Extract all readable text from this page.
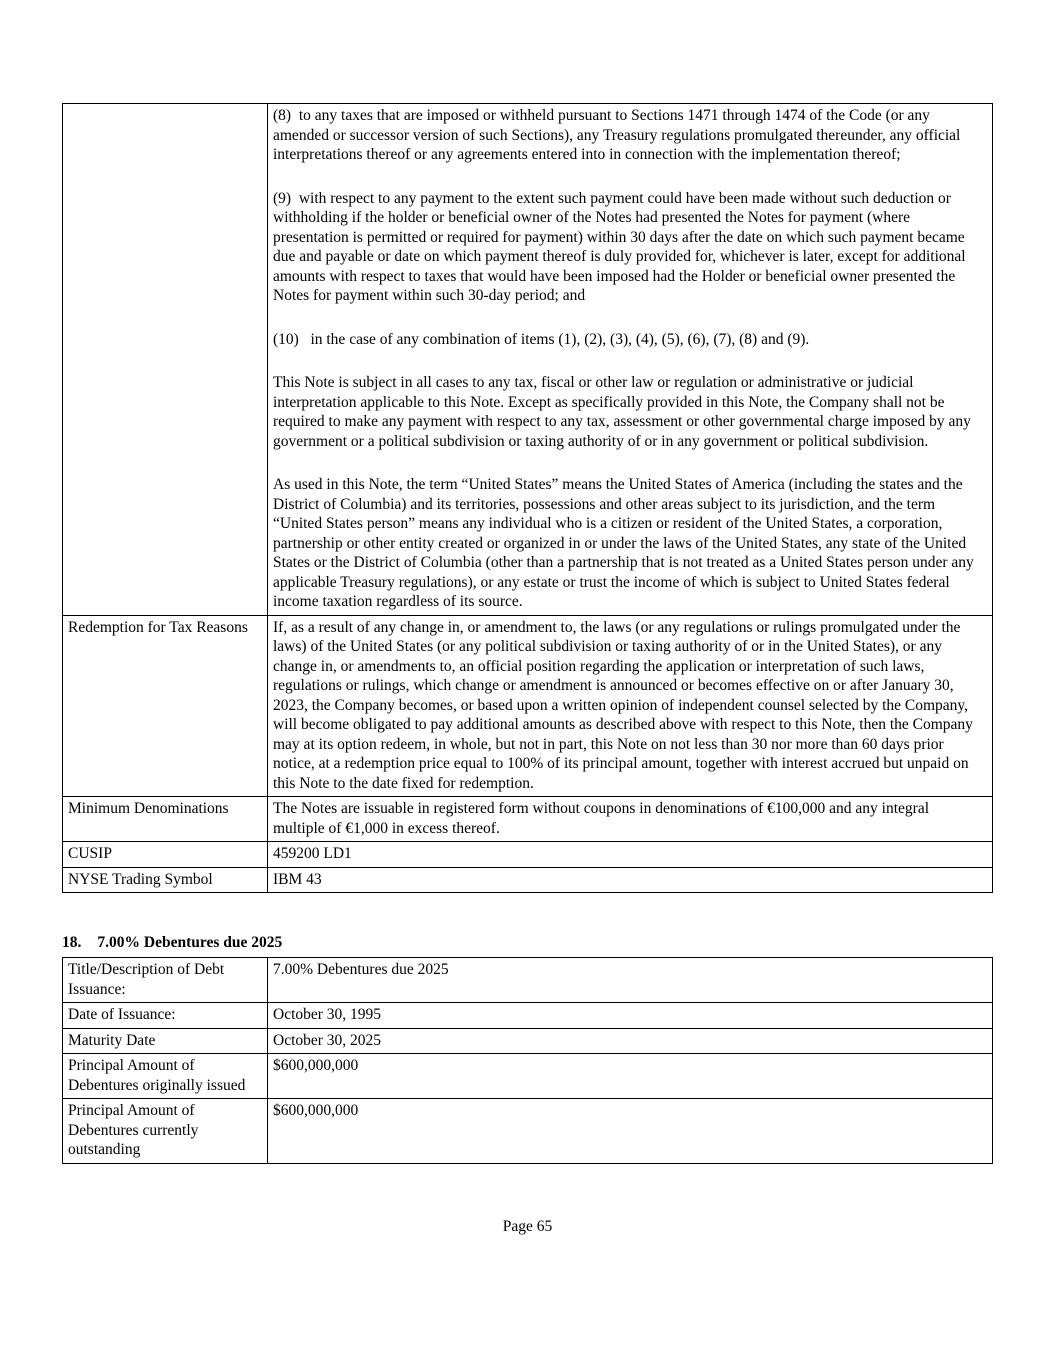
	(8)  to any taxes that are imposed or withheld pursuant to Sections 1471 through 1474 of the Code (or any amended or successor version of such Sections), any Treasury regulations promulgated thereunder, any official interpretations thereof or any agreements entered into in connection with the implementation thereof;

(9)  with respect to any payment to the extent such payment could have been made without such deduction or withholding if the holder or beneficial owner of the Notes had presented the Notes for payment (where presentation is permitted or required for payment) within 30 days after the date on which such payment became due and payable or date on which payment thereof is duly provided for, whichever is later, except for additional amounts with respect to taxes that would have been imposed had the Holder or beneficial owner presented the Notes for payment within such 30-day period; and

(10)   in the case of any combination of items (1), (2), (3), (4), (5), (6), (7), (8) and (9).

This Note is subject in all cases to any tax, fiscal or other law or regulation or administrative or judicial interpretation applicable to this Note. Except as specifically provided in this Note, the Company shall not be required to make any payment with respect to any tax, assessment or other governmental charge imposed by any government or a political subdivision or taxing authority of or in any government or political subdivision.

As used in this Note, the term “United States” means the United States of America (including the states and the District of Columbia) and its territories, possessions and other areas subject to its jurisdiction, and the term “United States person” means any individual who is a citizen or resident of the United States, a corporation, partnership or other entity created or organized in or under the laws of the United States, any state of the United States or the District of Columbia (other than a partnership that is not treated as a United States person under any applicable Treasury regulations), or any estate or trust the income of which is subject to United States federal income taxation regardless of its source.

Redemption for Tax Reasons	If, as a result of any change in, or amendment to, the laws (or any regulations or rulings promulgated under the laws) of the United States (or any political subdivision or taxing authority of or in the United States), or any change in, or amendments to, an official position regarding the application or interpretation of such laws, regulations or rulings, which change or amendment is announced or becomes effective on or after January 30, 2023, the Company becomes, or based upon a written opinion of independent counsel selected by the Company, will become obligated to pay additional amounts as described above with respect to this Note, then the Company may at its option redeem, in whole, but not in part, this Note on not less than 30 nor more than 60 days prior notice, at a redemption price equal to 100% of its principal amount, together with interest accrued but unpaid on this Note to the date fixed for redemption.

Minimum Denominations	The Notes are issuable in registered form without coupons in denominations of €100,000 and any integral multiple of €1,000 in excess thereof.

CUSIP	459200 LD1

NYSE Trading Symbol	IBM 43

18. 7.00% Debentures due 2025
Title/Description of Debt Issuance:	7.00% Debentures due 2025

Date of Issuance:	October 30, 1995

Maturity Date	October 30, 2025

Principal Amount of Debentures originally issued	$600,000,000

Principal Amount of Debentures currently outstanding	$600,000,000

Page 65
